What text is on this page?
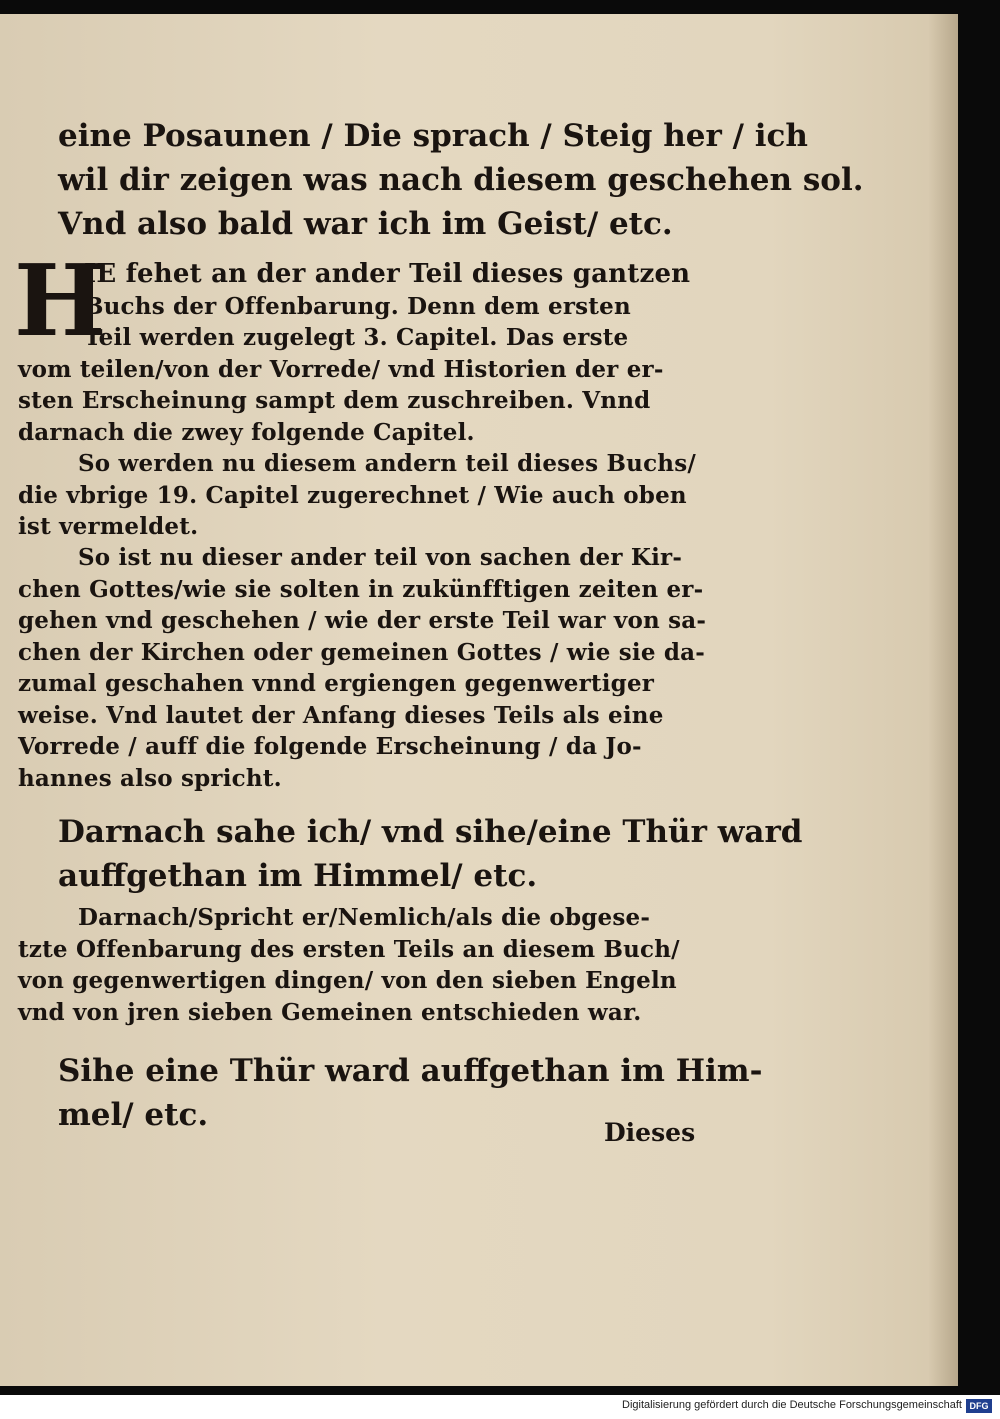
eine Posaunen / Die sprach / Steig her / ich
wil dir zeigen was nach diesem geschehen sol.
Vnd also bald war ich im Geist/ etc.
H
IE fehet an der ander Teil dieses gantzen
Buchs der Offenbarung. Denn dem ersten
Teil werden zugelegt 3. Capitel. Das erste
vom teilen/von der Vorrede/ vnd Historien der er-
sten Erscheinung sampt dem zuschreiben. Vnnd
darnach die zwey folgende Capitel.
So werden nu diesem andern teil dieses Buchs/
die vbrige 19. Capitel zugerechnet / Wie auch oben
ist vermeldet.
So ist nu dieser ander teil von sachen der Kir-
chen Gottes/wie sie solten in zukünfftigen zeiten er-
gehen vnd geschehen / wie der erste Teil war von sa-
chen der Kirchen oder gemeinen Gottes / wie sie da-
zumal geschahen vnnd ergiengen gegenwertiger
weise. Vnd lautet der Anfang dieses Teils als eine
Vorrede / auff die folgende Erscheinung / da Jo-
hannes also spricht.
Darnach sahe ich/ vnd sihe/eine Thür ward
auffgethan im Himmel/ etc.
Darnach/Spricht er/Nemlich/als die obgese-
tzte Offenbarung des ersten Teils an diesem Buch/
von gegenwertigen dingen/ von den sieben Engeln
vnd von jren sieben Gemeinen entschieden war.
Sihe eine Thür ward auffgethan im Him-
mel/ etc.	Dieses
Digitalisierung gefördert durch die Deutsche Forschungsgemeinschaft DFG
